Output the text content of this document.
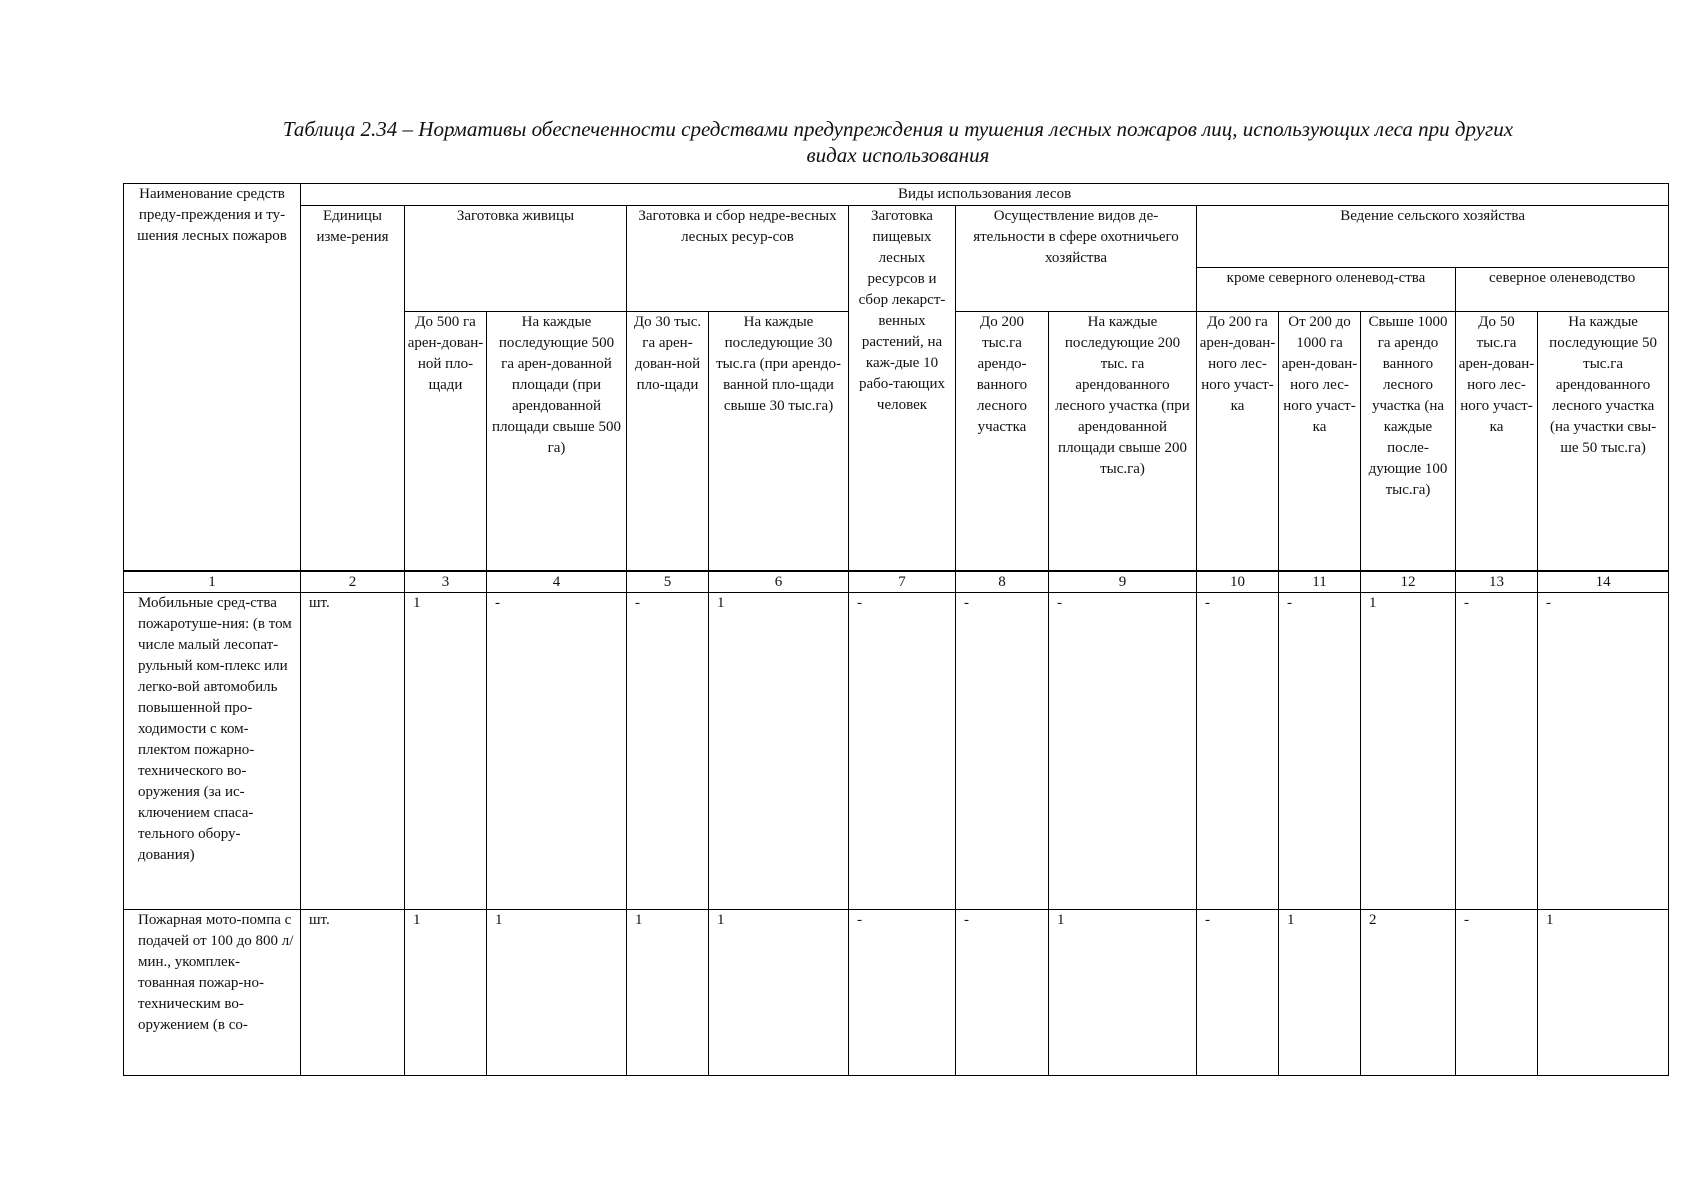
Таблица 2.34 – Нормативы обеспеченности средствами предупреждения и тушения лесных пожаров лиц, использующих леса при других
видах использования
Наименование средств преду-преждения и ту-шения лесных пожаров	Виды использования лесов												
	Единицы изме-рения	Заготовка живицы		Заготовка и сбор недре-весных лесных ресур-сов		Заготовка пищевых лесных ресурсов и сбор лекарст-венных растений, на каж-дые 10 рабо-тающих человек	Осуществление видов де-ятельности в сфере охотничьего хозяйства		Ведение сельского хозяйства				
									кроме северного оленевод-ства			северное оленеводство	
		До 500 га арен-дован-ной пло-щади	На каждые последующие 500 га арен-дованной площади (при арендованной площади свыше 500 га)	До 30 тыс. га арен-дован-ной пло-щади	На каждые последующие 30 тыс.га (при арендо-ванной пло-щади свыше 30 тыс.га)		До 200 тыс.га арендо-ванного лесного участка	На каждые последующие 200 тыс. га арендованного лесного участка (при арендованной площади свыше 200 тыс.га)	До 200 га арен-дован-ного лес-ного участ-ка	От 200 до 1000 га арен-дован-ного лес-ного участ-ка	Свыше 1000 га арендо ванного лесного участка (на каждые после-дующие 100 тыс.га)	До 50 тыс.га арен-дован-ного лес-ного участ-ка	На каждые последующие 50 тыс.га арендованного лесного участка (на участки свы-ше 50 тыс.га)
1	2	3	4	5	6	7	8	9	10	11	12	13	14
Мобильные сред-ства пожаротуше-ния: (в том числе малый лесопат-рульный ком-плекс или легко-вой автомобиль повышенной про-ходимости с ком-плектом пожарно-технического во-оружения (за ис-ключением спаса-тельного обору-дования)	шт.	1	-	-	1	-	-	-	-	-	1	-	-
Пожарная мото-помпа с подачей от 100 до 800 л/мин., укомплек-тованная пожар-но-техническим во-оружением (в со-	шт.	1	1	1	1	-	-	1	-	1	2	-	1
